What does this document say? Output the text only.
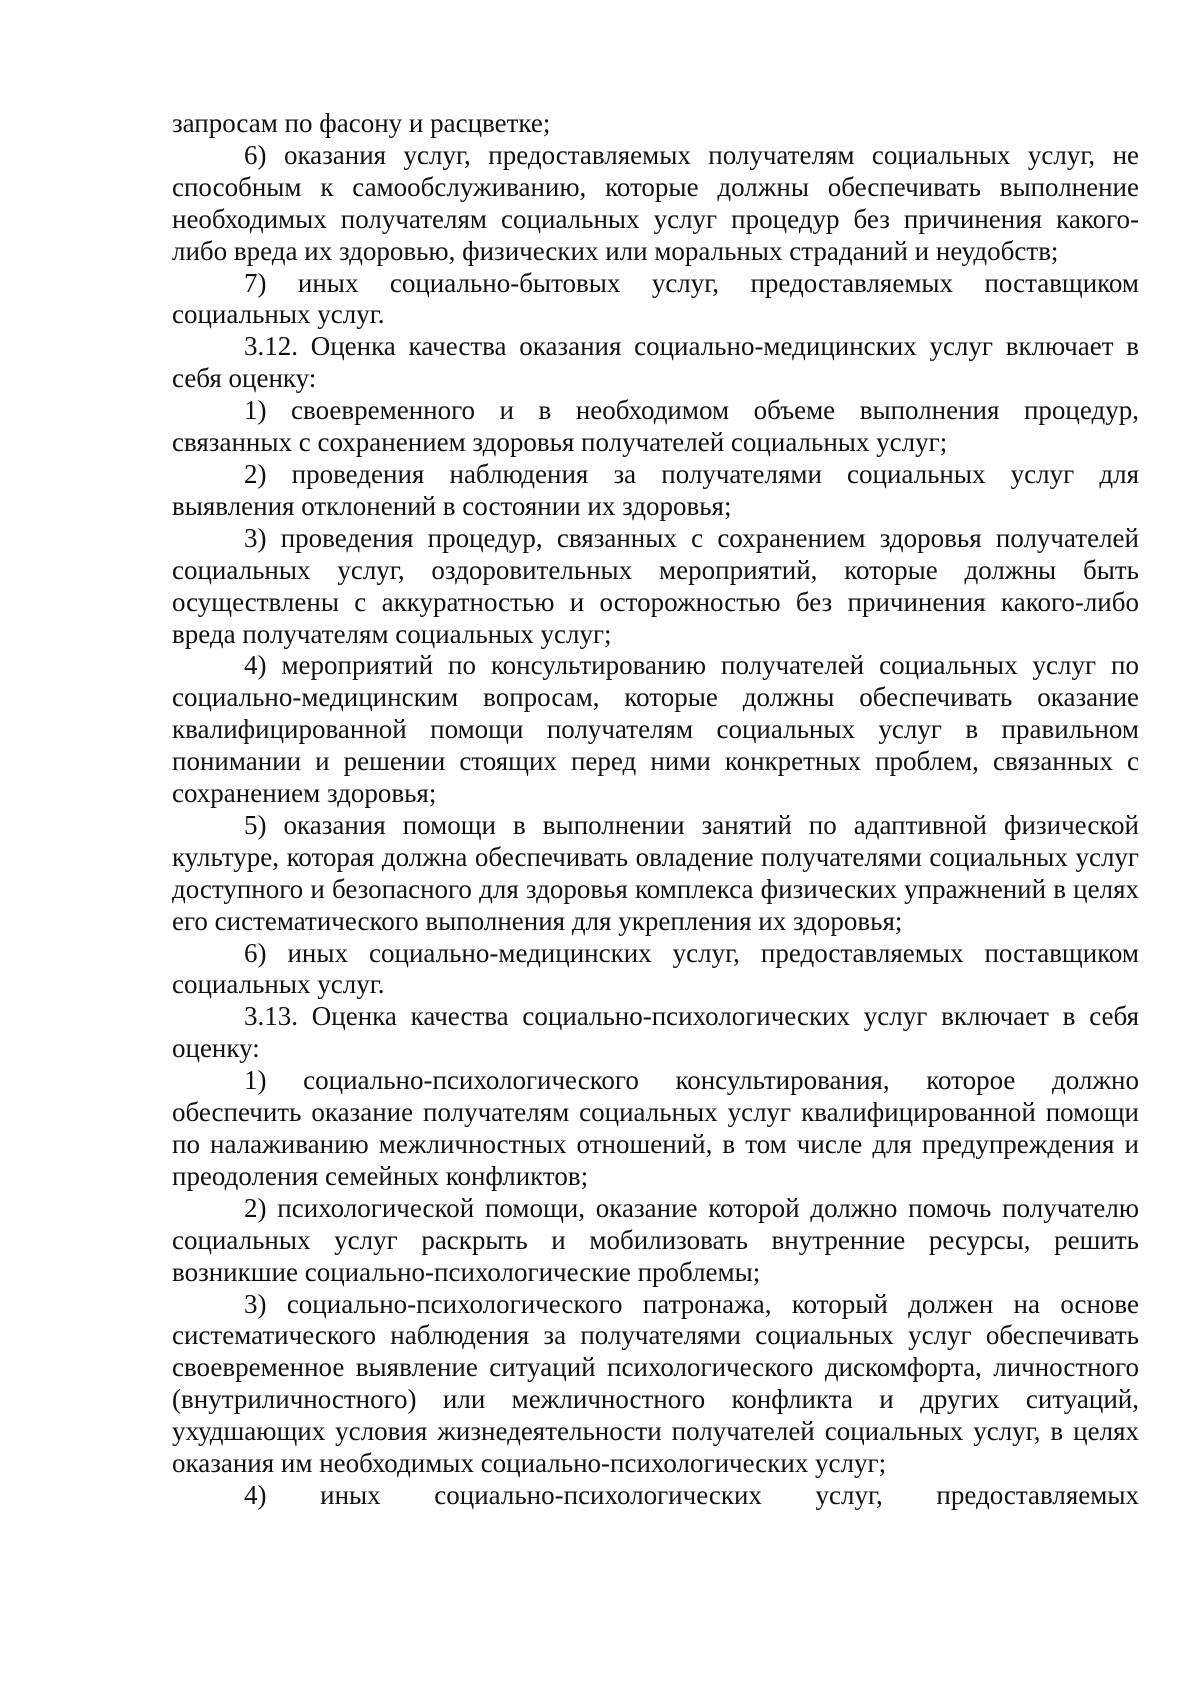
запросам по фасону и расцветке;

6) оказания услуг, предоставляемых получателям социальных услуг, не способным к самообслуживанию, которые должны обеспечивать выполнение необходимых получателям социальных услуг процедур без причинения какого-либо вреда их здоровью, физических или моральных страданий и неудобств;

7) иных социально-бытовых услуг, предоставляемых поставщиком социальных услуг.

3.12. Оценка качества оказания социально-медицинских услуг включает в себя оценку:

1) своевременного и в необходимом объеме выполнения процедур, связанных с сохранением здоровья получателей социальных услуг;

2) проведения наблюдения за получателями социальных услуг для выявления отклонений в состоянии их здоровья;

3) проведения процедур, связанных с сохранением здоровья получателей социальных услуг, оздоровительных мероприятий, которые должны быть осуществлены с аккуратностью и осторожностью без причинения какого-либо вреда получателям социальных услуг;

4) мероприятий по консультированию получателей социальных услуг по социально-медицинским вопросам, которые должны обеспечивать оказание квалифицированной помощи получателям социальных услуг в правильном понимании и решении стоящих перед ними конкретных проблем, связанных с сохранением здоровья;

5) оказания помощи в выполнении занятий по адаптивной физической культуре, которая должна обеспечивать овладение получателями социальных услуг доступного и безопасного для здоровья комплекса физических упражнений в целях его систематического выполнения для укрепления их здоровья;

6) иных социально-медицинских услуг, предоставляемых поставщиком социальных услуг.

3.13. Оценка качества социально-психологических услуг включает в себя оценку:

1) социально-психологического консультирования, которое должно обеспечить оказание получателям социальных услуг квалифицированной помощи по налаживанию межличностных отношений, в том числе для предупреждения и преодоления семейных конфликтов;

2) психологической помощи, оказание которой должно помочь получателю социальных услуг раскрыть и мобилизовать внутренние ресурсы, решить возникшие социально-психологические проблемы;

3) социально-психологического патронажа, который должен на основе систематического наблюдения за получателями социальных услуг обеспечивать своевременное выявление ситуаций психологического дискомфорта, личностного (внутриличностного) или межличностного конфликта и других ситуаций, ухудшающих условия жизнедеятельности получателей социальных услуг, в целях оказания им необходимых социально-психологических услуг;

4) иных социально-психологических услуг, предоставляемых
